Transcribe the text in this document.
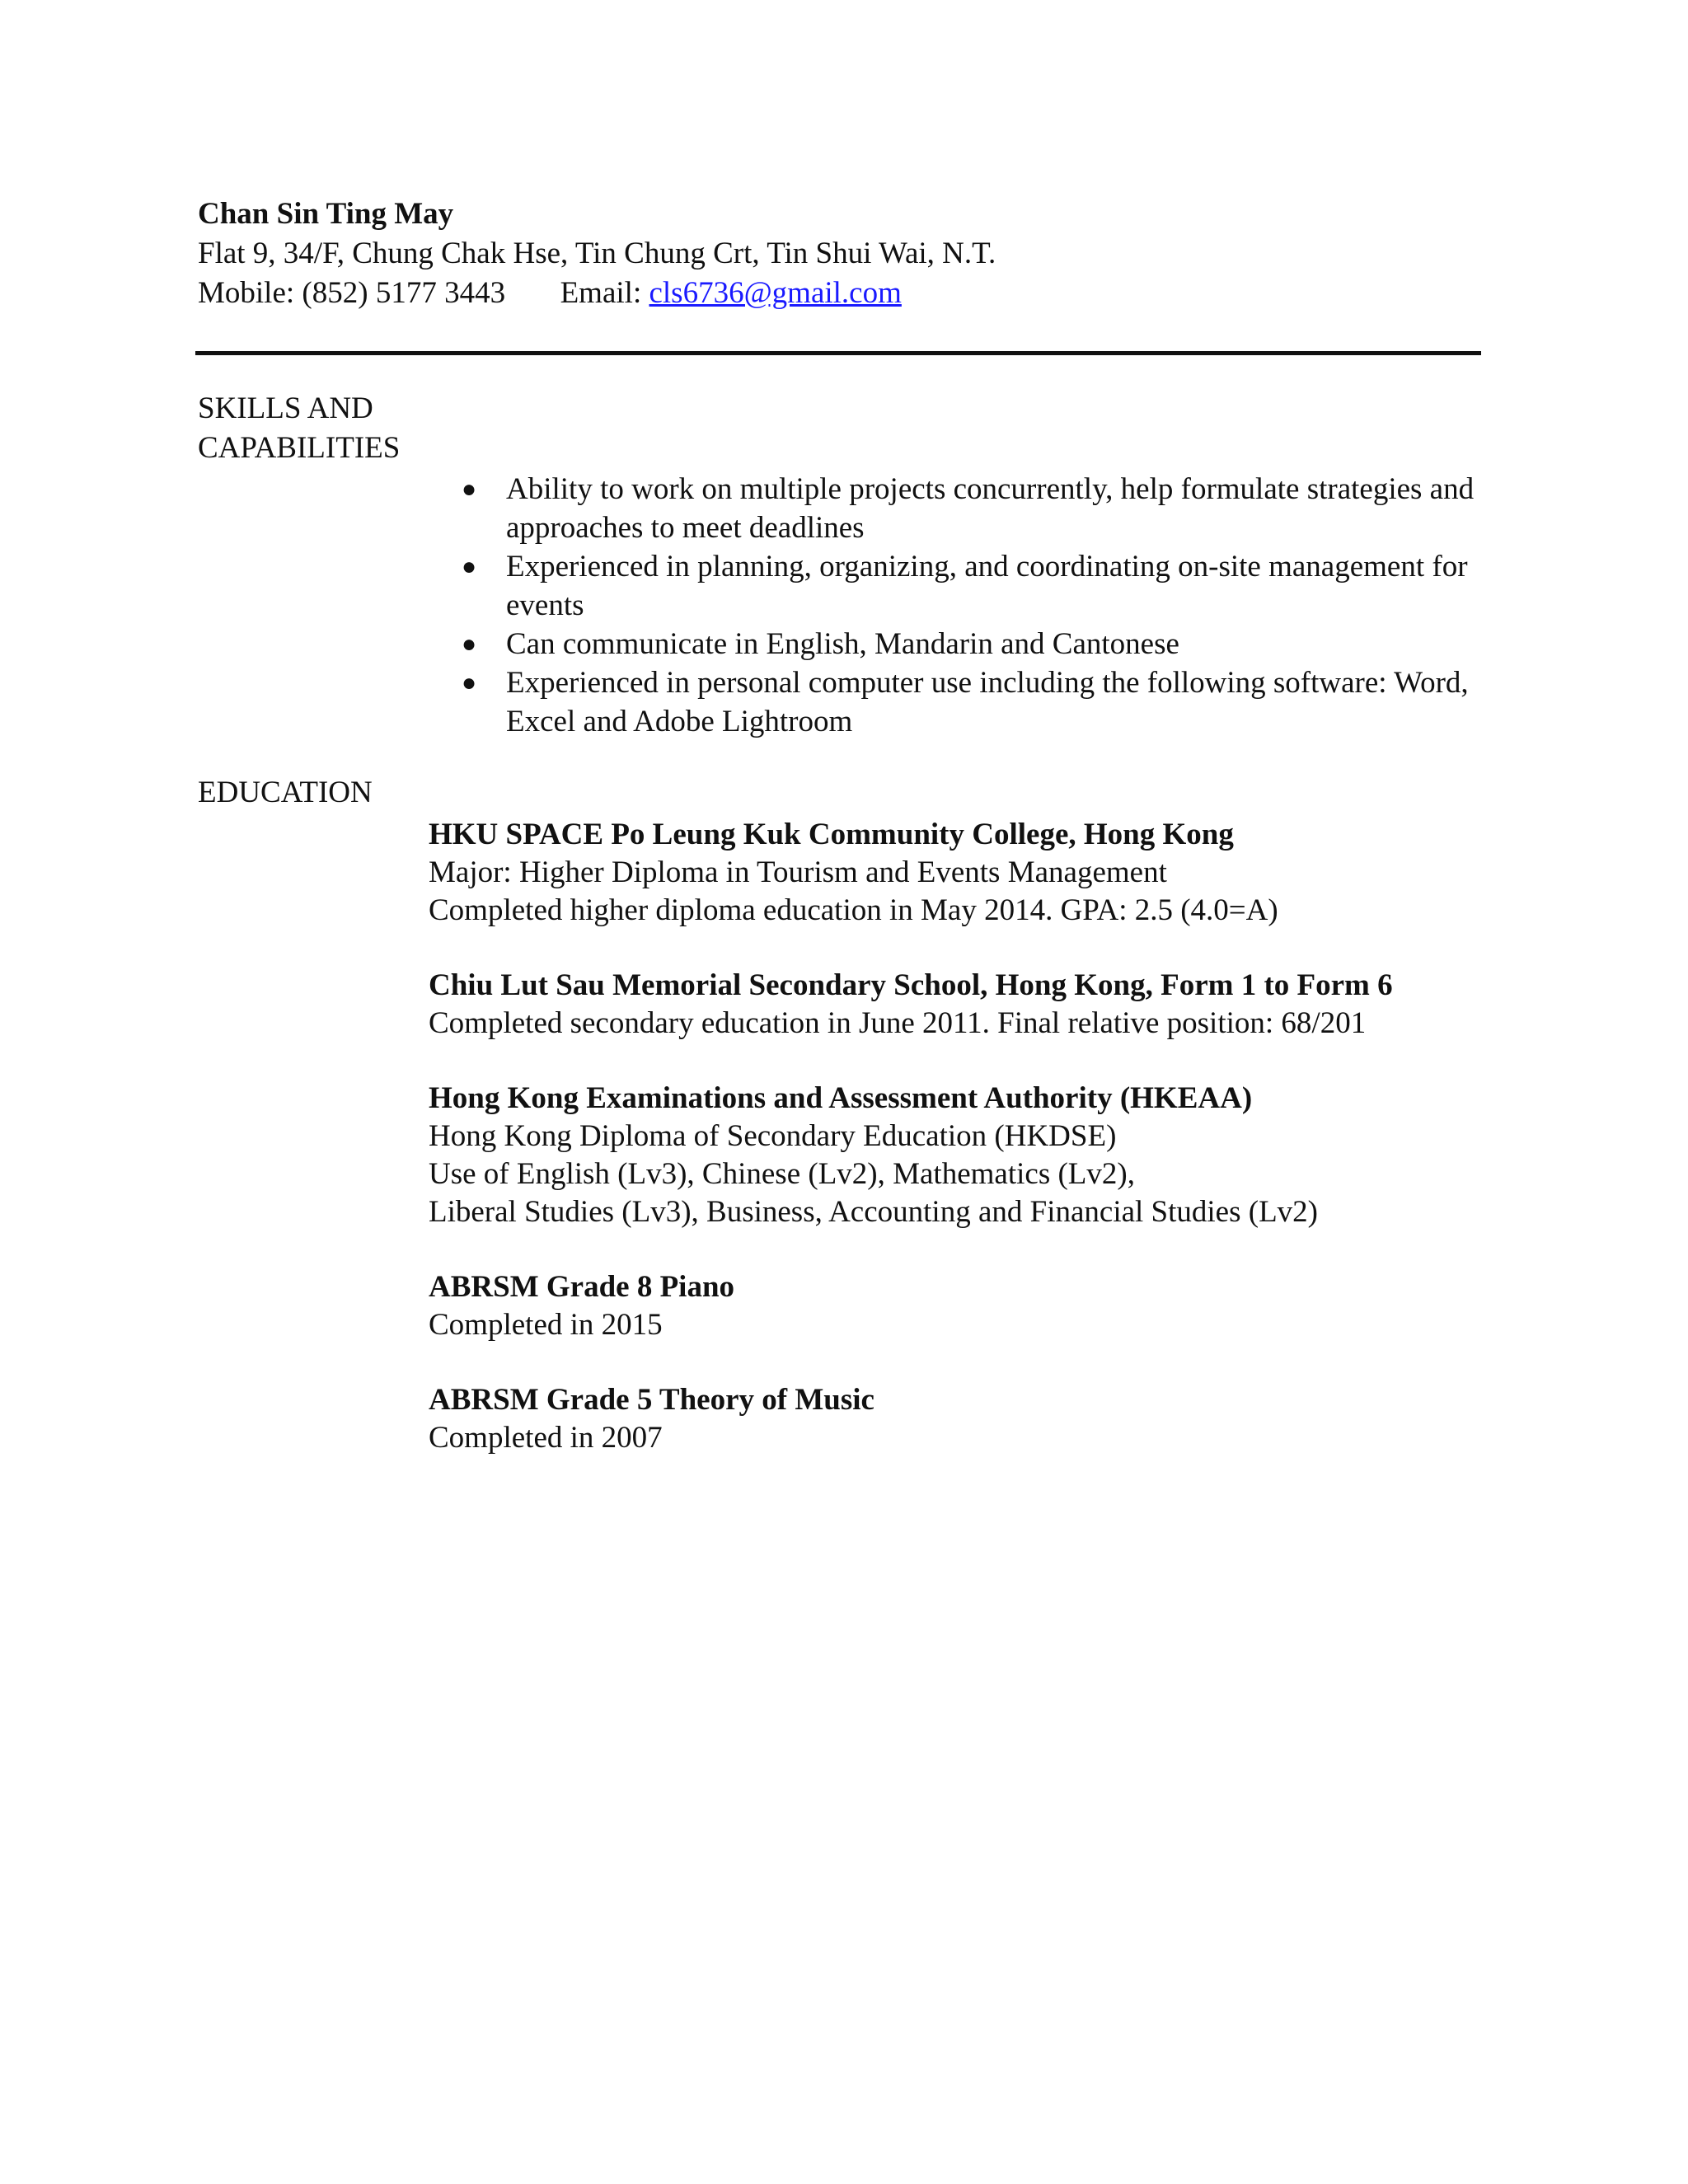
Chan Sin Ting May
Flat 9, 34/F, Chung Chak Hse, Tin Chung Crt, Tin Shui Wai, N.T.
Mobile: (852) 5177 3443 Email: cls6736@gmail.com
SKILLS AND
CAPABILITIES
● Ability to work on multiple projects concurrently, help formulate strategies and approaches to meet deadlines
● Experienced in planning, organizing, and coordinating on-site management for events
● Can communicate in English, Mandarin and Cantonese
● Experienced in personal computer use including the following software: Word, Excel and Adobe Lightroom
EDUCATION
HKU SPACE Po Leung Kuk Community College, Hong Kong
Major: Higher Diploma in Tourism and Events Management
Completed higher diploma education in May 2014. GPA: 2.5 (4.0=A)
Chiu Lut Sau Memorial Secondary School, Hong Kong, Form 1 to Form 6
Completed secondary education in June 2011. Final relative position: 68/201
Hong Kong Examinations and Assessment Authority (HKEAA)
Hong Kong Diploma of Secondary Education (HKDSE)
Use of English (Lv3), Chinese (Lv2), Mathematics (Lv2),
Liberal Studies (Lv3), Business, Accounting and Financial Studies (Lv2)
ABRSM Grade 8 Piano
Completed in 2015
ABRSM Grade 5 Theory of Music
Completed in 2007
